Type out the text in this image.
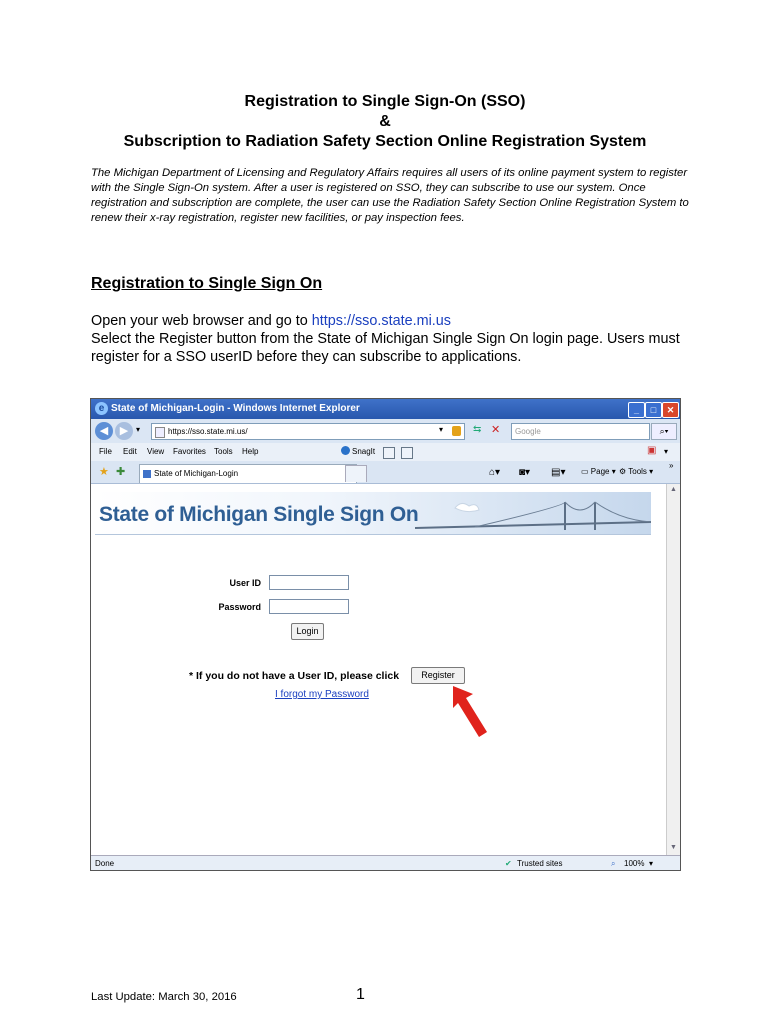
Registration to Single Sign-On (SSO)
&
Subscription to Radiation Safety Section Online Registration System
The Michigan Department of Licensing and Regulatory Affairs requires all users of its online payment system to register with the Single Sign-On system. After a user is registered on SSO, they can subscribe to use our system. Once registration and subscription are complete, the user can use the Radiation Safety Section Online Registration System to renew their x-ray registration, register new facilities, or pay inspection fees.
Registration to Single Sign On
Open your web browser and go to https://sso.state.mi.us
Select the Register button from the State of Michigan Single Sign On login page. Users must register for a SSO userID before they can subscribe to applications.
e State of Michigan-Login - Windows Internet Explorer	_	□	✕
◀	▶ ▾	https://sso.state.mi.us/	▾	⇆ ✕	Google	⌕▾
File Edit View Favorites Tools Help	SnagIt	▣ ▾
★ ✚	State of Michigan-Login	⌂▾ ◙▾ ▤▾ ▭ Page ▾ ⚙ Tools ▾
»
State of Michigan Single Sign On
User ID
Password
Login
* If you do not have a User ID, please click	Register
I forgot my Password
▲
▼
Done	✔ Trusted sites	⌕ 100% ▾
Last Update: March 30, 2016	1
